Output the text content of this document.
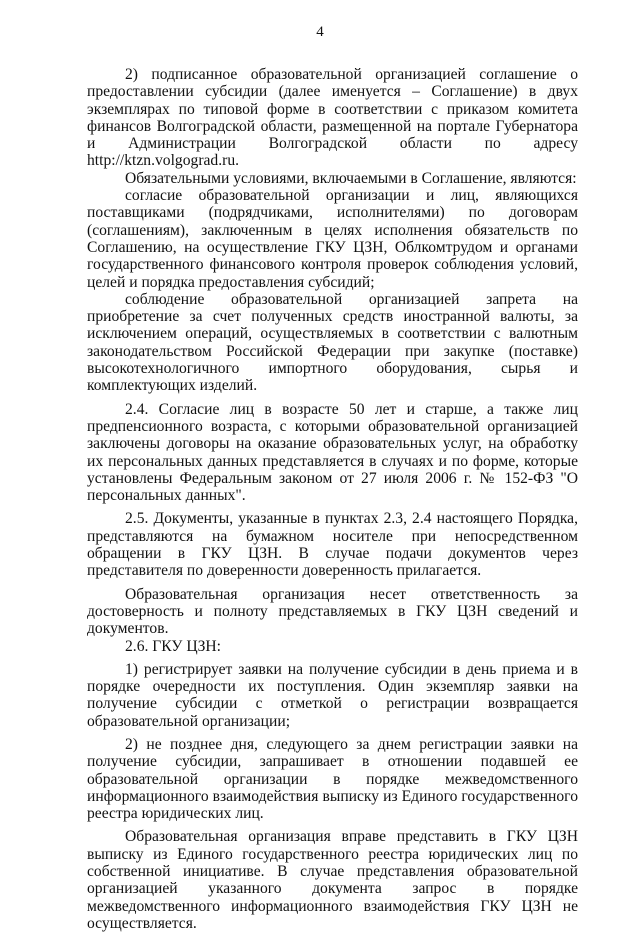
4

2) подписанное образовательной организацией соглашение о предоставлении субсидии (далее именуется – Соглашение) в двух экземплярах по типовой форме в соответствии с приказом комитета финансов Волгоградской области, размещенной на портале Губернатора и Администрации Волгоградской области по адресу http://ktzn.volgograd.ru.

Обязательными условиями, включаемыми в Соглашение, являются:

согласие образовательной организации и лиц, являющихся поставщиками (подрядчиками, исполнителями) по договорам (соглашениям), заключенным в целях исполнения обязательств по Соглашению, на осуществление ГКУ ЦЗН, Облкомтрудом и органами государственного финансового контроля проверок соблюдения условий, целей и порядка предоставления субсидий;

соблюдение образовательной организацией запрета на приобретение за счет полученных средств иностранной валюты, за исключением операций, осуществляемых в соответствии с валютным законодательством Российской Федерации при закупке (поставке) высокотехнологичного импортного оборудования, сырья и комплектующих изделий.

2.4. Согласие лиц в возрасте 50 лет и старше, а также лиц предпенсионного возраста, с которыми образовательной организацией заключены договоры на оказание образовательных услуг, на обработку их персональных данных представляется в случаях и по форме, которые установлены Федеральным законом от 27 июля 2006 г. № 152-ФЗ "О персональных данных".

2.5. Документы, указанные в пунктах 2.3, 2.4 настоящего Порядка, представляются на бумажном носителе при непосредственном обращении в ГКУ ЦЗН. В случае подачи документов через представителя по доверенности доверенность прилагается.

Образовательная организация несет ответственность за достоверность и полноту представляемых в ГКУ ЦЗН сведений и документов.

2.6. ГКУ ЦЗН:

1) регистрирует заявки на получение субсидии в день приема и в порядке очередности их поступления. Один экземпляр заявки на получение субсидии с отметкой о регистрации возвращается образовательной организации;

2) не позднее дня, следующего за днем регистрации заявки на получение субсидии, запрашивает в отношении подавшей ее образовательной организации в порядке межведомственного информационного взаимодействия выписку из Единого государственного реестра юридических лиц.

Образовательная организация вправе представить в ГКУ ЦЗН выписку из Единого государственного реестра юридических лиц по собственной инициативе. В случае представления образовательной организацией указанного документа запрос в порядке межведомственного информационного взаимодействия ГКУ ЦЗН не осуществляется.
